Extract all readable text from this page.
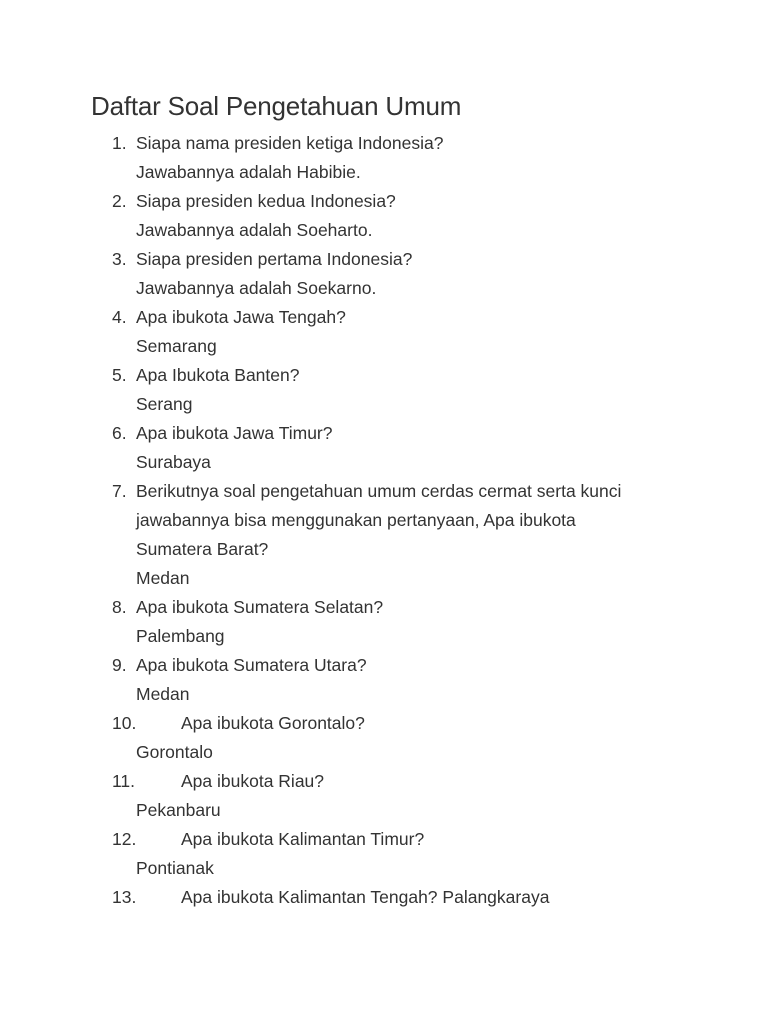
Daftar Soal Pengetahuan Umum
1. Siapa nama presiden ketiga Indonesia?
Jawabannya adalah Habibie.
2. Siapa presiden kedua Indonesia?
Jawabannya adalah Soeharto.
3. Siapa presiden pertama Indonesia?
Jawabannya adalah Soekarno.
4. Apa ibukota Jawa Tengah?
Semarang
5. Apa Ibukota Banten?
Serang
6. Apa ibukota Jawa Timur?
Surabaya
7. Berikutnya soal pengetahuan umum cerdas cermat serta kunci jawabannya bisa menggunakan pertanyaan, Apa ibukota Sumatera Barat?
Medan
8. Apa ibukota Sumatera Selatan?
Palembang
9. Apa ibukota Sumatera Utara?
Medan
10.	Apa ibukota Gorontalo?
Gorontalo
11.	Apa ibukota Riau?
Pekanbaru
12.	Apa ibukota Kalimantan Timur?
Pontianak
13.	Apa ibukota Kalimantan Tengah? Palangkaraya
